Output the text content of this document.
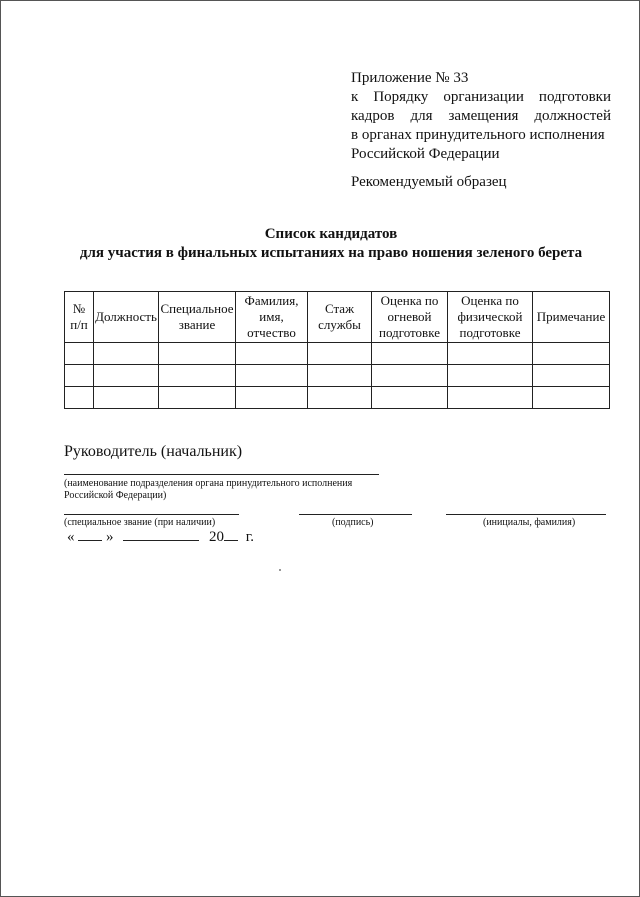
Приложение № 33
к Порядку организации подготовки
кадров для замещения должностей
в органах принудительного исполнения
Российской Федерации
Рекомендуемый образец
Список кандидатов
для участия в финальных испытаниях на право ношения зеленого берета
№ п/п	Должность	Специальное звание	Фамилия, имя, отчество	Стаж службы	Оценка по огневой подготовке	Оценка по физической подготовке	Примечание

Руководитель (начальник)
(наименование подразделения органа принудительного исполнения
Российской Федерации)
(специальное звание (при наличии)	(подпись)	(инициалы, фамилия)
« »	20 г.
